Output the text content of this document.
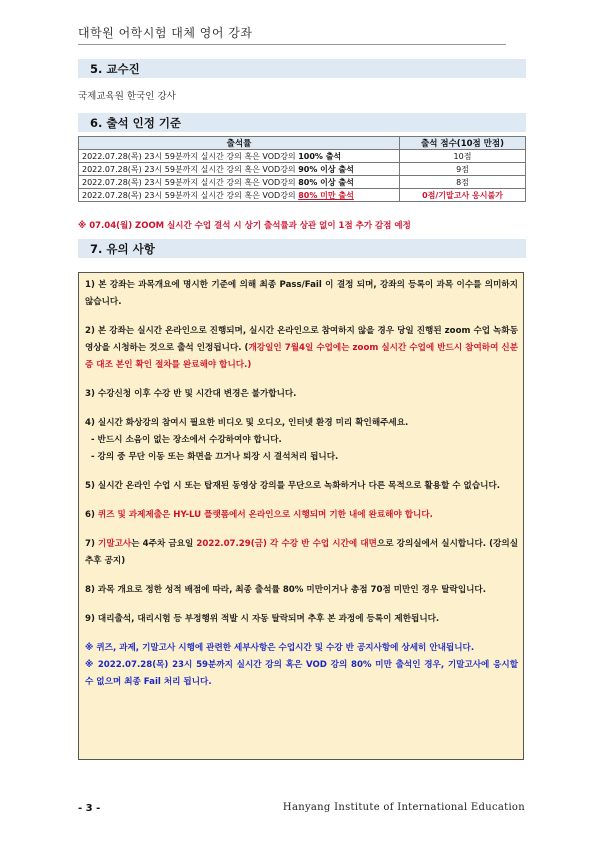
대학원 어학시험 대체 영어 강좌
5. 교수진
국제교육원 한국인 강사
6. 출석 인정 기준
출석률	출석 점수(10점 만점)
2022.07.28(목) 23시 59분까지 실시간 강의 혹은 VOD강의 100% 출석	10점
2022.07.28(목) 23시 59분까지 실시간 강의 혹은 VOD강의 90% 이상 출석	9점
2022.07.28(목) 23시 59분까지 실시간 강의 혹은 VOD강의 80% 이상 출석	8점
2022.07.28(목) 23시 59분까지 실시간 강의 혹은 VOD강의 80% 미만 출석	0점/기말고사 응시불가
※ 07.04(월) ZOOM 실시간 수업 결석 시 상기 출석률과 상관 없이 1점 추가 감점 예정
7. 유의 사항

1) 본 강좌는 과목개요에 명시한 기준에 의해 최종 Pass/Fail 이 결정 되며, 강좌의 등록이 과목 이수를 의미하지 않습니다.

2) 본 강좌는 실시간 온라인으로 진행되며, 실시간 온라인으로 참여하지 않을 경우 당일 진행된 zoom 수업 녹화동영상을 시청하는 것으로 출석 인정됩니다. (개강일인 7월4일 수업에는 zoom 실시간 수업에 반드시 참여하여 신분증 대조 본인 확인 절차를 완료해야 합니다.)

3) 수강신청 이후 수강 반 및 시간대 변경은 불가합니다.

4) 실시간 화상강의 참여시 필요한 비디오 및 오디오, 인터넷 환경 미리 확인해주세요.

- 반드시 소음이 없는 장소에서 수강하여야 합니다.

- 강의 중 무단 이동 또는 화면을 끄거나 퇴장 시 결석처리 됩니다.

5) 실시간 온라인 수업 시 또는 탑재된 동영상 강의를 무단으로 녹화하거나 다른 목적으로 활용할 수 없습니다.

6) 퀴즈 및 과제제출은 HY-LU 플랫폼에서 온라인으로 시행되며 기한 내에 완료해야 합니다.

7) 기말고사는 4주차 금요일 2022.07.29(금) 각 수강 반 수업 시간에 대면으로 강의실에서 실시합니다. (강의실 추후 공지)

8) 과목 개요로 정한 성적 배점에 따라, 최종 출석률 80% 미만이거나 총점 70점 미만인 경우 탈락입니다.

9) 대리출석, 대리시험 등 부정행위 적발 시 자동 탈락되며 추후 본 과정에 등록이 제한됩니다.

※ 퀴즈, 과제, 기말고사 시행에 관련한 세부사항은 수업시간 및 수강 반 공지사항에 상세히 안내됩니다.

※ 2022.07.28(목) 23시 59분까지 실시간 강의 혹은 VOD 강의 80% 미만 출석인 경우, 기말고사에 응시할 수 없으며 최종 Fail 처리 됩니다.

- 3 -	Hanyang Institute of International Education
